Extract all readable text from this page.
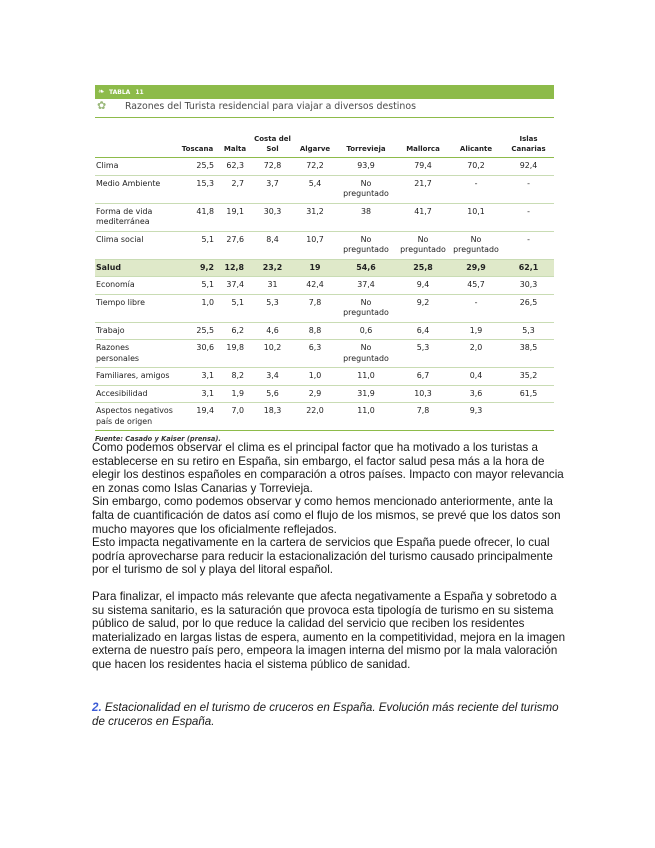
❧ TABLA 11
✿ Razones del Turista residencial para viajar a diversos destinos
	Toscana	Malta	Costa del Sol	Algarve	Torrevieja	Mallorca	Alicante	Islas Canarias
Clima	25,5	62,3	72,8	72,2	93,9	79,4	70,2	92,4
Medio Ambiente	15,3	2,7	3,7	5,4	No preguntado	21,7	-	-
Forma de vida mediterránea	41,8	19,1	30,3	31,2	38	41,7	10,1	-
Clima social	5,1	27,6	8,4	10,7	No preguntado	No preguntado	No preguntado	-
Salud	9,2	12,8	23,2	19	54,6	25,8	29,9	62,1
Economía	5,1	37,4	31	42,4	37,4	9,4	45,7	30,3
Tiempo libre	1,0	5,1	5,3	7,8	No preguntado	9,2	-	26,5
Trabajo	25,5	6,2	4,6	8,8	0,6	6,4	1,9	5,3
Razones personales	30,6	19,8	10,2	6,3	No preguntado	5,3	2,0	38,5
Familiares, amigos	3,1	8,2	3,4	1,0	11,0	6,7	0,4	35,2
Accesibilidad	3,1	1,9	5,6	2,9	31,9	10,3	3,6	61,5
Aspectos negativos país de origen	19,4	7,0	18,3	22,0	11,0	7,8	9,3	
Fuente: Casado y Kaiser (prensa).

Como podemos observar el clima es el principal factor que ha motivado a los turistas a establecerse en su retiro en España, sin embargo, el factor salud pesa más a la hora de elegir los destinos españoles en comparación a otros países. Impacto con mayor relevancia en zonas como Islas Canarias y Torrevieja.

Sin embargo, como podemos observar y como hemos mencionado anteriormente, ante la falta de cuantificación de datos así como el flujo de los mismos, se prevé que los datos son mucho mayores que los oficialmente reflejados.

Esto impacta negativamente en la cartera de servicios que España puede ofrecer, lo cual podría aprovecharse para reducir la estacionalización del turismo causado principalmente por el turismo de sol y playa del litoral español.

Para finalizar, el impacto más relevante que afecta negativamente a España y sobretodo a su sistema sanitario, es la saturación que provoca esta tipología de turismo en su sistema público de salud, por lo que reduce la calidad del servicio que reciben los residentes materializado en largas listas de espera, aumento en la competitividad, mejora en la imagen externa de nuestro país pero, empeora la imagen interna del mismo por la mala valoración que hacen los residentes hacia el sistema público de sanidad.

2. Estacionalidad en el turismo de cruceros en España. Evolución más reciente del turismo de cruceros en España.
